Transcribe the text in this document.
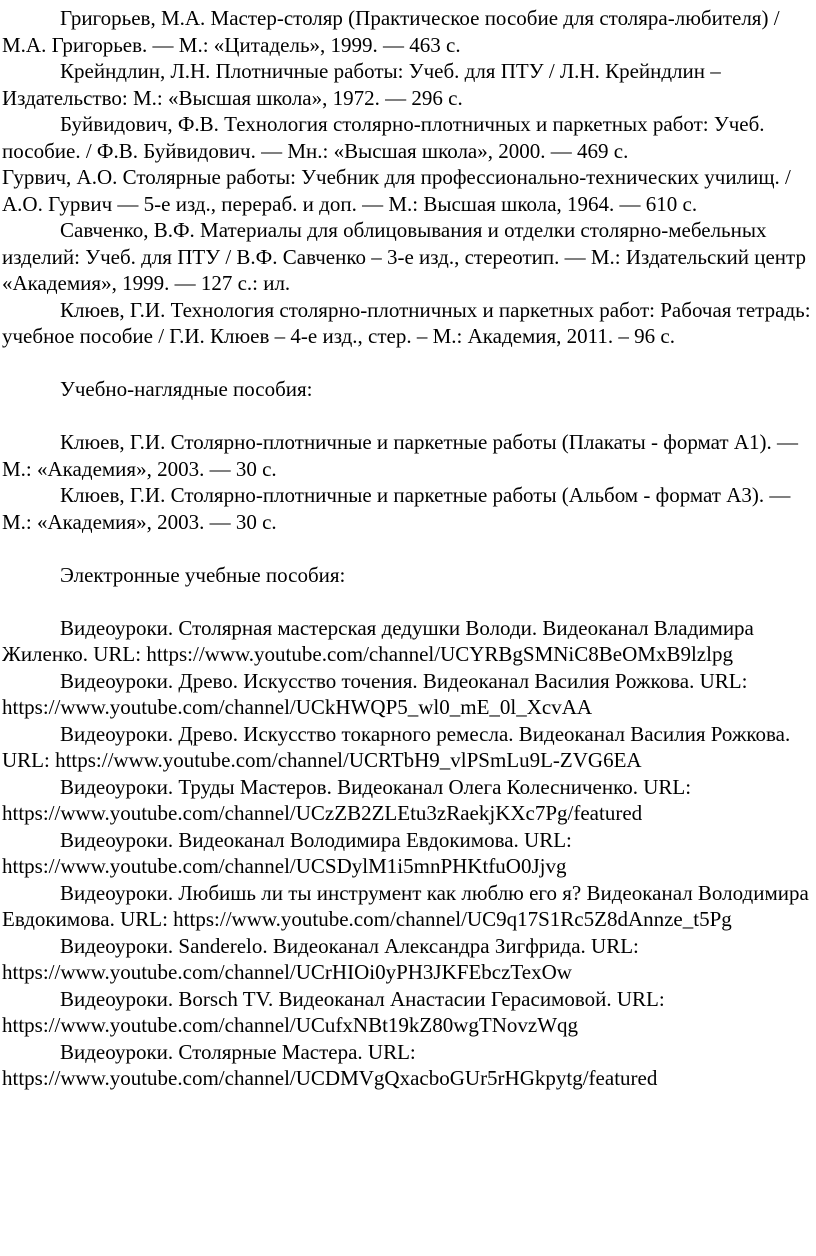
Григорьев, М.А. Мастер-столяр (Практическое пособие для столяра-любителя) / М.А. Григорьев. ― М.: «Цитадель», 1999. ― 463 с.

Крейндлин, Л.Н. Плотничные работы: Учеб. для ПТУ / Л.Н. Крейндлин – Издательство: М.: «Высшая школа», 1972. ― 296 с.

Буйвидович, Ф.В. Технология столярно-плотничных и паркетных работ: Учеб. пособие. / Ф.В. Буйвидович. ― Мн.: «Высшая школа», 2000. ― 469 с.

Гурвич, А.О. Столярные работы: Учебник для профессионально-технических училищ. / А.О. Гурвич — 5-е изд., перераб. и доп. — М.: Высшая школа, 1964. — 610 с.

Савченко, В.Ф. Материалы для облицовывания и отделки столярно-мебельных изделий: Учеб. для ПТУ / В.Ф. Савченко – 3-е изд., стереотип. ― М.: Издательский центр «Академия», 1999. ― 127 с.: ил.

Клюев, Г.И. Технология столярно-плотничных и паркетных работ: Рабочая тетрадь: учебное пособие / Г.И. Клюев – 4-е изд., стер. – М.: Академия, 2011. – 96 с.

Учебно-наглядные пособия:

Клюев, Г.И. Столярно-плотничные и паркетные работы (Плакаты - формат А1). ― М.: «Академия», 2003. ― 30 с.

Клюев, Г.И. Столярно-плотничные и паркетные работы (Альбом - формат А3). ― М.: «Академия», 2003. ― 30 с.

Электронные учебные пособия:

Видеоуроки. Столярная мастерская дедушки Володи. Видеоканал Владимира Жиленко. URL: https://www.youtube.com/channel/UCYRBgSMNiC8BeOMxB9lzlpg

Видеоуроки. Древо. Искусство точения. Видеоканал Василия Рожкова. URL: https://www.youtube.com/channel/UCkHWQP5_wl0_mE_0l_XcvAA

Видеоуроки. Древо. Искусство токарного ремесла. Видеоканал Василия Рожкова. URL: https://www.youtube.com/channel/UCRTbH9_vlPSmLu9L-ZVG6EA

Видеоуроки. Труды Мастеров. Видеоканал Олега Колесниченко. URL: https://www.youtube.com/channel/UCzZB2ZLEtu3zRaekjKXc7Pg/featured

Видеоуроки. Видеоканал Володимира Евдокимова. URL: https://www.youtube.com/channel/UCSDylM1i5mnPHKtfuO0Jjvg

Видеоуроки. Любишь ли ты инструмент как люблю его я? Видеоканал Володимира Евдокимова. URL: https://www.youtube.com/channel/UC9q17S1Rc5Z8dAnnze_t5Pg

Видеоуроки. Sanderelo. Видеоканал Александра Зигфрида. URL: https://www.youtube.com/channel/UCrHIOi0yPH3JKFEbczTexOw

Видеоуроки. Borsch TV. Видеоканал Анастасии Герасимовой. URL: https://www.youtube.com/channel/UCufxNBt19kZ80wgTNovzWqg

Видеоуроки. Столярные Мастера. URL: https://www.youtube.com/channel/UCDMVgQxacboGUr5rHGkpytg/featured
